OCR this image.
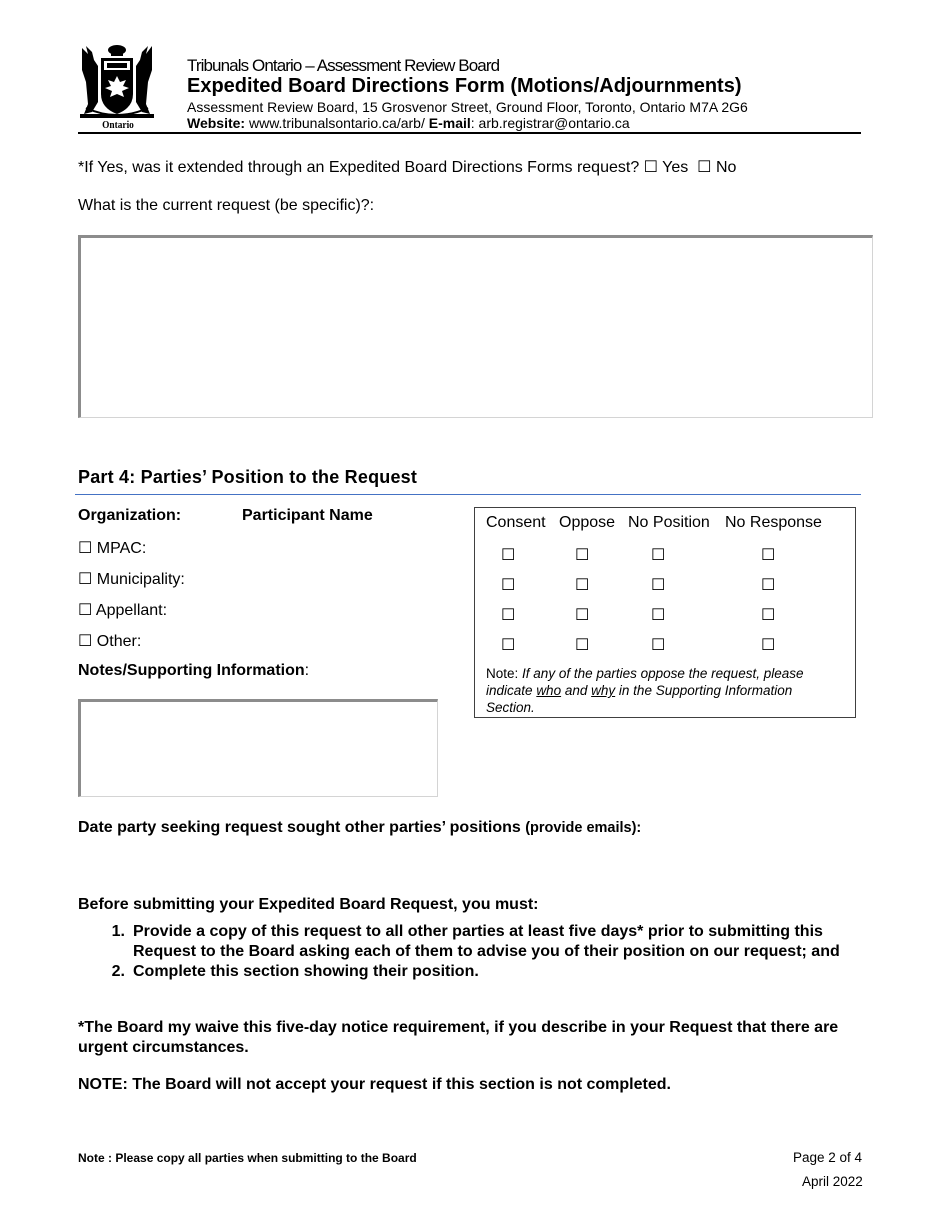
Ontario
Tribunals Ontario – Assessment Review Board
Expedited Board Directions Form (Motions/Adjournments)
Assessment Review Board, 15 Grosvenor Street, Ground Floor, Toronto, Ontario M7A 2G6
Website: www.tribunalsontario.ca/arb/ E-mail: arb.registrar@ontario.ca
*If Yes, was it extended through an Expedited Board Directions Forms request? ☐ Yes ☐ No
What is the current request (be specific)?:
Part 4: Parties’ Position to the Request
Organization:	Participant Name
☐ MPAC:
☐ Municipality:
☐ Appellant:
☐ Other:
Notes/Supporting Information:
Consent Oppose No Position No Response
☐	☐	☐	☐
☐	☐	☐	☐
☐	☐	☐	☐
☐	☐	☐	☐
Note: If any of the parties oppose the request, please indicate who and why in the Supporting Information Section.
Date party seeking request sought other parties’ positions (provide emails):
Before submitting your Expedited Board Request, you must:
1. Provide a copy of this request to all other parties at least five days* prior to submitting this Request to the Board asking each of them to advise you of their position on our request; and
2. Complete this section showing their position.
*The Board my waive this five-day notice requirement, if you describe in your Request that there are urgent circumstances.
NOTE: The Board will not accept your request if this section is not completed.
Note : Please copy all parties when submitting to the Board	Page 2 of 4
April 2022
